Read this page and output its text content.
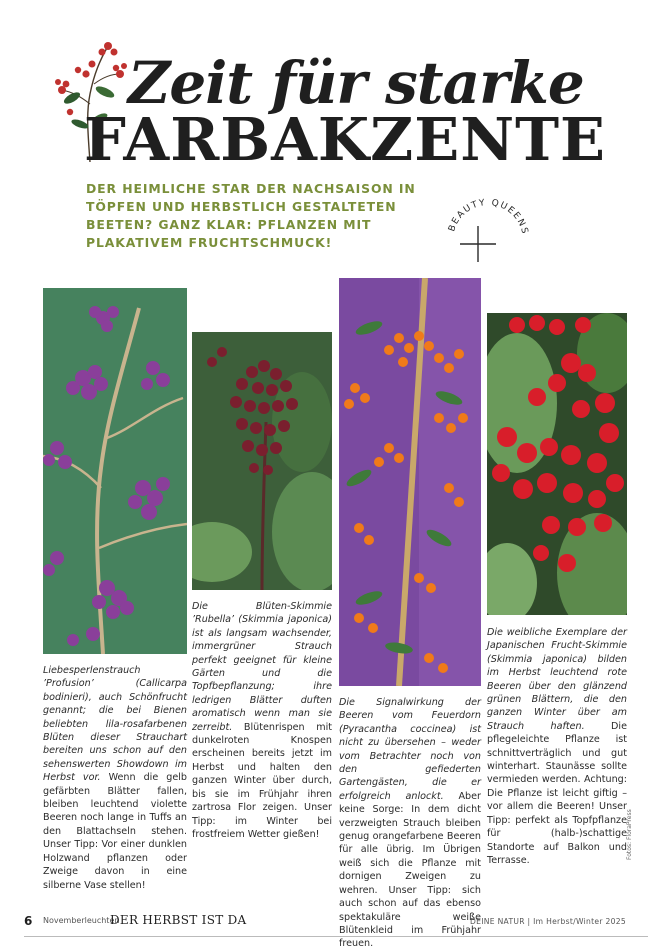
Zeit für starke
FARBAKZENTE
DER HEIMLICHE STAR DER NACHSAISON IN TÖPFEN UND HERBSTLICH GESTALTETEN BEETEN? GANZ KLAR: PFLANZEN MIT PLAKATIVEM FRUCHTSCHMUCK!
BEAUTY QUEENS
Liebesperlenstrauch ’Profusion’ (Callicarpa bodinieri), auch Schönfrucht genannt; die bei Bienen beliebten lila-rosafarbenen Blüten dieser Strauchart bereiten uns schon auf den sehenswerten Showdown im Herbst vor. Wenn die gelb gefärbten Blätter fallen, bleiben leuchtend violette Beeren noch lange in Tuffs an den Blattachseln stehen. Unser Tipp: Vor einer dunklen Holzwand pflanzen oder Zweige davon in eine silberne Vase stellen!
Die Blüten-Skimmie ’Rubella’ (Skimmia japonica) ist als langsam wachsender, immergrüner Strauch perfekt geeignet für kleine Gärten und die Topfbepflanzung; ihre ledrigen Blätter duften aromatisch wenn man sie zerreibt. Blütenrispen mit dunkelroten Knospen erscheinen bereits jetzt im Herbst und halten den ganzen Winter über durch, bis sie im Frühjahr ihren zartrosa Flor zeigen. Unser Tipp: im Winter bei frostfreiem Wetter gießen!
Die Signalwirkung der Beeren vom Feuerdorn (Pyracantha coccinea) ist nicht zu übersehen – weder vom Betrachter noch von den gefiederten Gartengästen, die er erfolgreich anlockt. Aber keine Sorge: In dem dicht verzweigten Strauch bleiben genug orangefarbene Beeren für alle übrig. Im Übrigen weiß sich die Pflanze mit dornigen Zweigen zu wehren. Unser Tipp: sich auch schon auf das ebenso spektakuläre weiße Blütenkleid im Frühjahr freuen.
Die weibliche Exemplare der Japanischen Frucht-Skimmie (Skimmia japonica) bilden im Herbst leuchtend rote Beeren über den glänzend grünen Blättern, die den ganzen Winter über am Strauch haften. Die pflegeleichte Pflanze ist schnittverträglich und gut winterhart. Staunässe sollte vermieden werden. Achtung: Die Pflanze ist leicht giftig – vor allem die Beeren! Unser Tipp: perfekt als Topfpflanze für (halb-)schattige Standorte auf Balkon und Terrasse.
Fotos: FloraPress
6 Novemberleuchten
DER HERBST IST DA	DEINE NATUR | Im Herbst/Winter 2025
